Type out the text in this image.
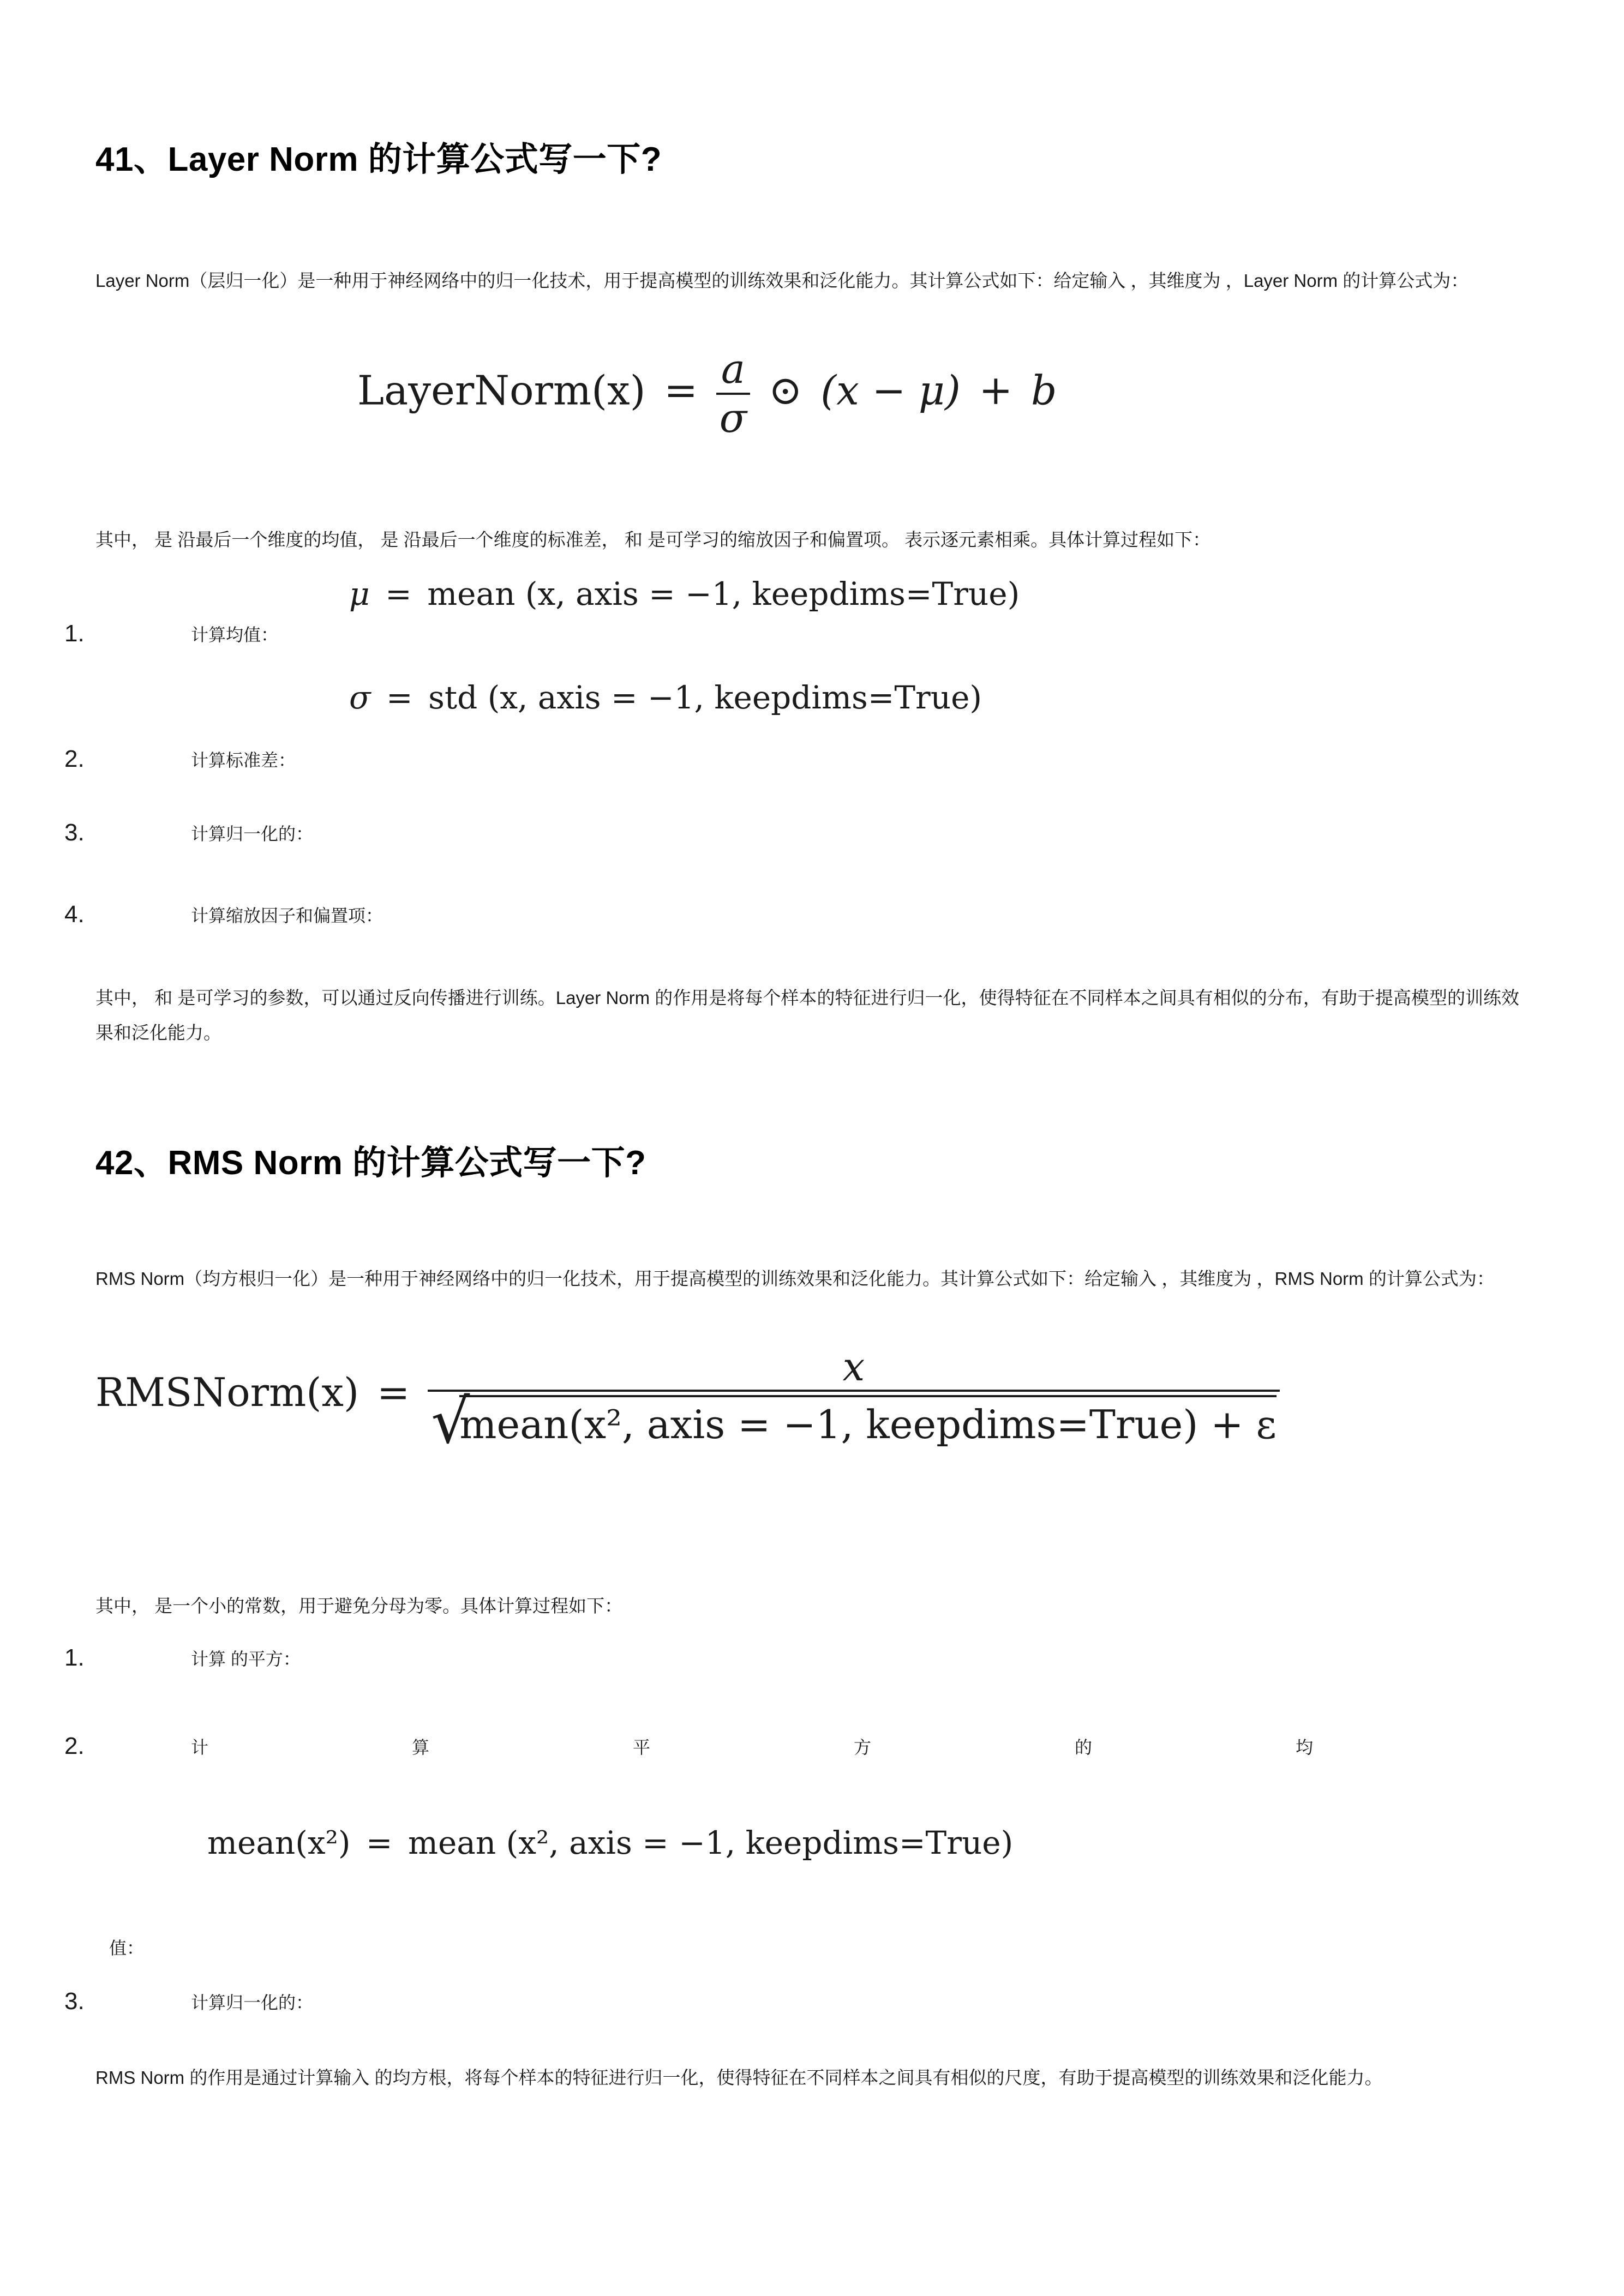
41、Layer Norm 的计算公式写一下?

Layer Norm（层归一化）是一种用于神经网络中的归一化技术，用于提高模型的训练效果和泛化能力。其计算公式如下：给定输入 ，其维度为 ，Layer Norm 的计算公式为：

LayerNorm(x) = $\frac{a}{\sigma}$ ⊙ (x − μ) + b

其中， 是 沿最后一个维度的均值， 是 沿最后一个维度的标准差， 和 是可学习的缩放因子和偏置项。 表示逐元素相乘。具体计算过程如下：

μ = mean (x, axis = −1, keepdims=True)
1.	计算均值：
σ = std (x, axis = −1, keepdims=True)
2.	计算标准差：
3.	计算归一化的：
4.	计算缩放因子和偏置项：

其中， 和 是可学习的参数，可以通过反向传播进行训练。Layer Norm 的作用是将每个样本的特征进行归一化，使得特征在不同样本之间具有相似的分布，有助于提高模型的训练效果和泛化能力。

42、RMS Norm 的计算公式写一下?

RMS Norm（均方根归一化）是一种用于神经网络中的归一化技术，用于提高模型的训练效果和泛化能力。其计算公式如下：给定输入 ，其维度为 ，RMS Norm 的计算公式为：

RMSNorm(x) = x
√
mean(x², axis = −1, keepdims=True) + ε

其中， 是一个小的常数，用于避免分母为零。具体计算过程如下：

1.	计算 的平方：
2.	计	算	平	方	的	均
mean(x²) = mean (x², axis = −1, keepdims=True)
值：
3.	计算归一化的：

RMS Norm 的作用是通过计算输入 的均方根，将每个样本的特征进行归一化，使得特征在不同样本之间具有相似的尺度，有助于提高模型的训练效果和泛化能力。
